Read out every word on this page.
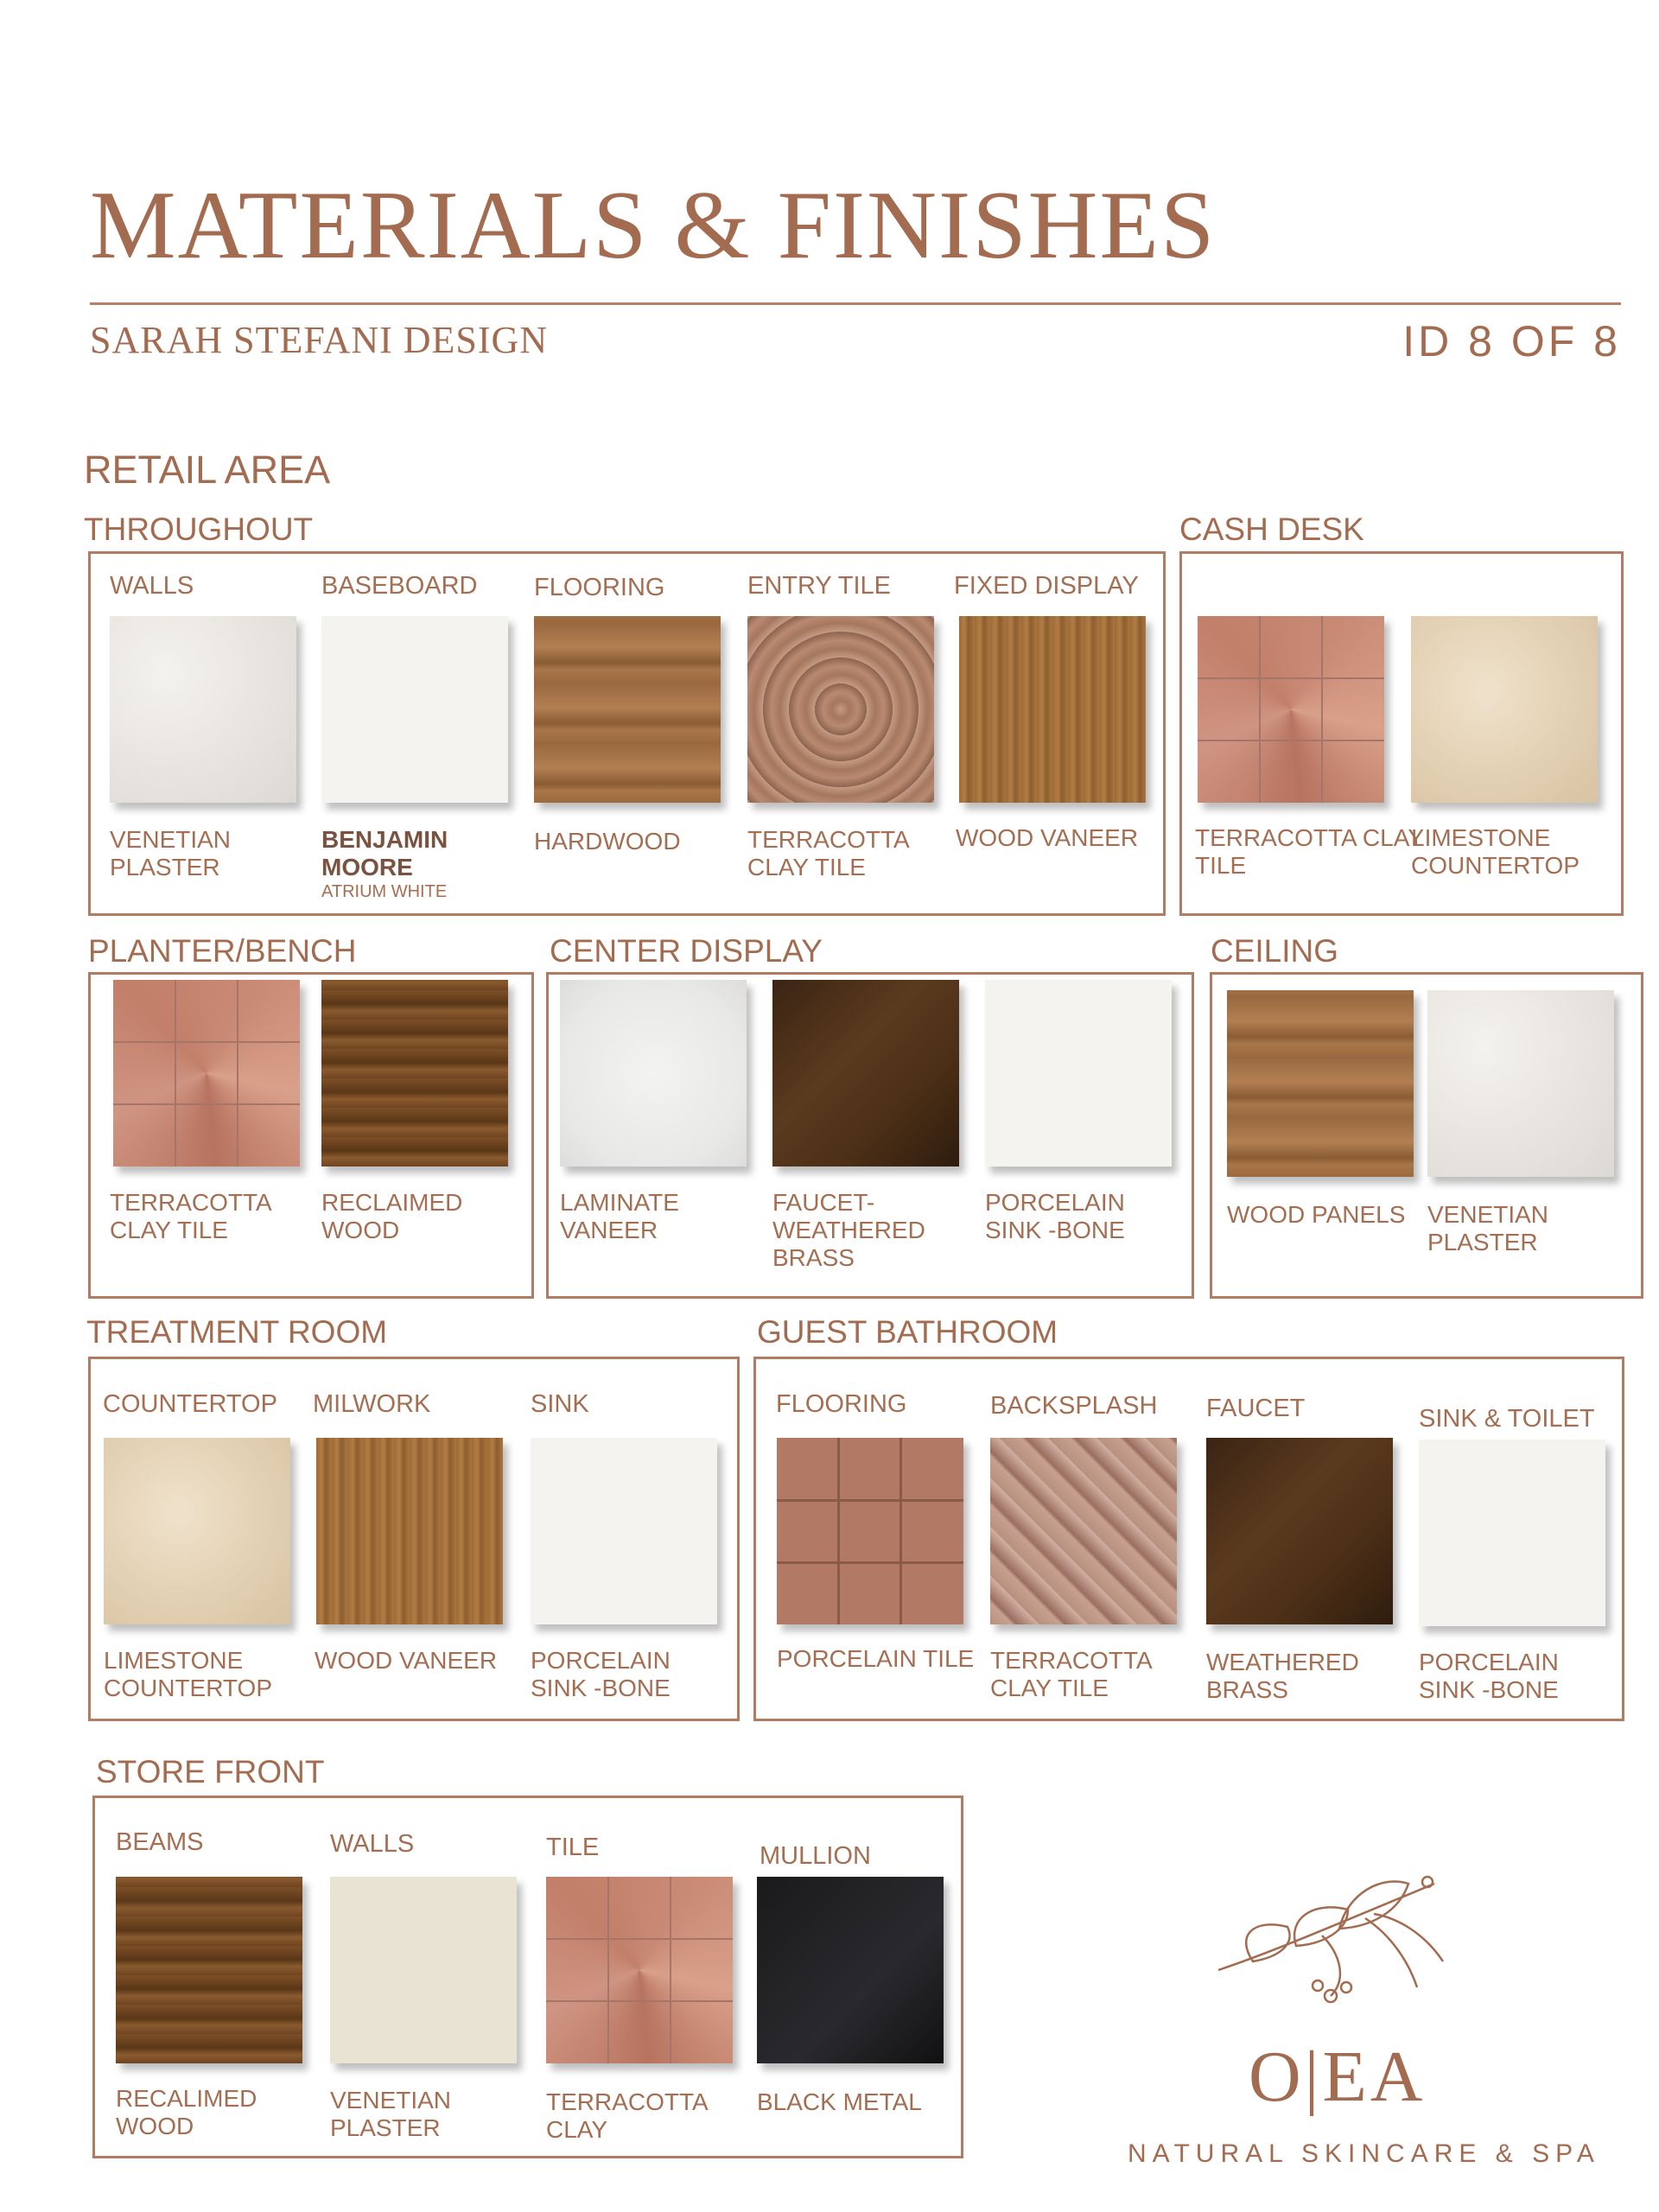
MATERIALS & FINISHES
SARAH STEFANI DESIGN	ID 8 OF 8
RETAIL AREA
THROUGHOUT
WALLS
VENETIAN
PLASTER
BASEBOARD
BENJAMIN
MOORE
ATRIUM WHITE
FLOORING
HARDWOOD
ENTRY TILE
TERRACOTTA
CLAY TILE
FIXED DISPLAY
WOOD VANEER
CASH DESK
TERRACOTTA CLAY
TILE
LIMESTONE
COUNTERTOP
PLANTER/BENCH
TERRACOTTA
CLAY TILE
RECLAIMED
WOOD
CENTER DISPLAY
LAMINATE
VANEER
FAUCET-
WEATHERED
BRASS
PORCELAIN
SINK -BONE
CEILING
WOOD PANELS VENETIAN
PLASTER
TREATMENT ROOM
COUNTERTOP
LIMESTONE
COUNTERTOP
MILWORK
WOOD VANEER
SINK
PORCELAIN
SINK -BONE
GUEST BATHROOM
FLOORING
PORCELAIN TILE
BACKSPLASH
TERRACOTTA
CLAY TILE
FAUCET
WEATHERED
BRASS
SINK & TOILET
PORCELAIN
SINK -BONE
STORE FRONT
BEAMS
RECALIMED
WOOD
WALLS
VENETIAN
PLASTER
TILE
TERRACOTTA
CLAY
MULLION
BLACK METAL	O|EA
NATURAL SKINCARE & SPA
